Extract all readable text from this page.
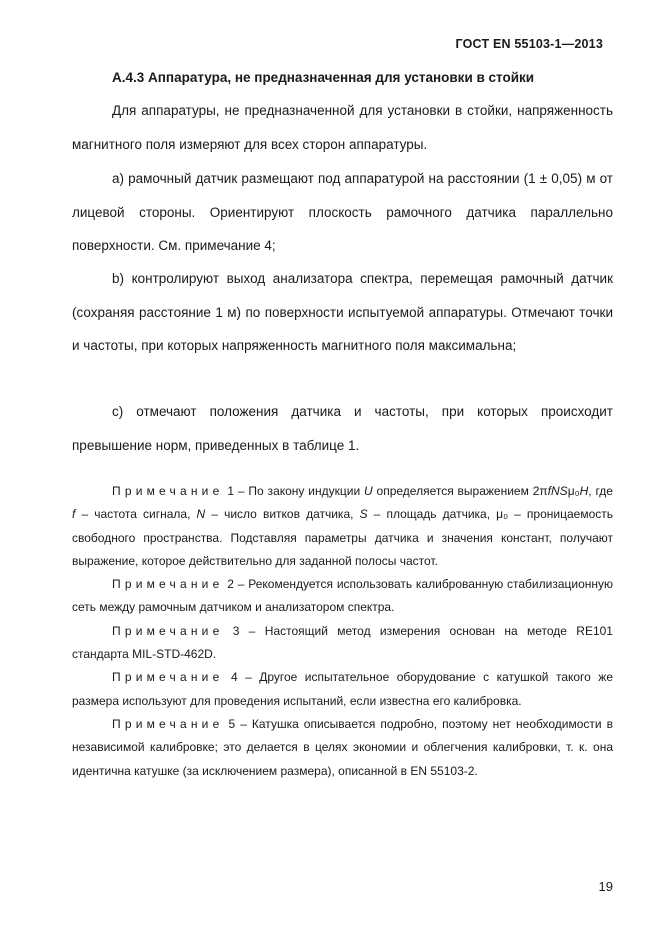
ГОСТ EN 55103-1—2013
A.4.3 Аппаратура, не предназначенная для установки в стойки

Для аппаратуры, не предназначенной для установки в стойки, напряженность магнитного поля измеряют для всех сторон аппаратуры.

а) рамочный датчик размещают под аппаратурой на расстоянии (1 ± 0,05) м от лицевой стороны. Ориентируют плоскость рамочного датчика параллельно поверхности. См. примечание 4;

b) контролируют выход анализатора спектра, перемещая рамочный датчик (сохраняя расстояние 1 м) по поверхности испытуемой аппаратуры. Отмечают точки и частоты, при которых напряженность магнитного поля максимальна;

с) отмечают положения датчика и частоты, при которых происходит превышение норм, приведенных в таблице 1.

Примечание 1 – По закону индукции U определяется выражением 2πfNSμ₀H, где f – частота сигнала, N – число витков датчика, S – площадь датчика, μ₀ – проницаемость свободного пространства. Подставляя параметры датчика и значения констант, получают выражение, которое действительно для заданной полосы частот.

Примечание 2 – Рекомендуется использовать калиброванную стабилизационную сеть между рамочным датчиком и анализатором спектра.

Примечание 3 – Настоящий метод измерения основан на методе RE101 стандарта MIL-STD-462D.

Примечание 4 – Другое испытательное оборудование с катушкой такого же размера используют для проведения испытаний, если известна его калибровка.

Примечание 5 – Катушка описывается подробно, поэтому нет необходимости в независимой калибровке; это делается в целях экономии и облегчения калибровки, т. к. она идентична катушке (за исключением размера), описанной в EN 55103-2.

19
